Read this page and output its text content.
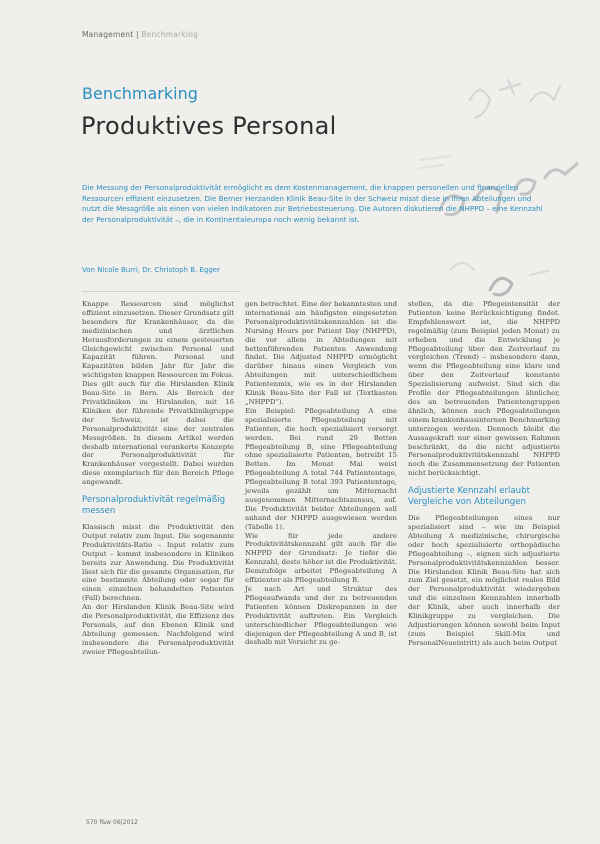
Management | Benchmarking
Benchmarking
Produktives Personal
Die Messung der Personalproduktivität ermöglicht es dem Kostenmanagement, die knappen personellen und finanziellen Ressourcen effizient einzusetzen. Die Berner Herzanden Klinik Beau-Site in der Schweiz misst diese in ihren Abteilungen und nutzt die Messgröße als einen von vielen Indikatoren zur Betriebssteuerung. Die Autoren diskutieren die NHPPD – eine Kennzahl der Personalproduktivität –, die in Kontinentaleuropa noch wenig bekannt ist.
Von Nicole Burri, Dr. Christoph B. Egger

Knappe Ressourcen sind möglichst effizient einzusetzen. Dieser Grundsatz gilt besonders für Krankenhäuser, da die medizinischen und ärztlichen Herausforderungen zu einem gesteuerten Gleichgewicht zwischen Personal und Kapazität führen. Personal und Kapazitäten bilden Jahr für Jahr die wichtigsten knappen Ressourcen im Fokus. Dies gilt auch für die Hirslanden Klinik Beau-Site in Bern. Als Bereich der Privatkliniken im Hirslanden, mit 16 Kliniken der führende Privatklinikgruppe der Schweiz, ist dabei die Personalproduktivität eine der zentralen Messgrößen. In diesem Artikel werden deshalb international verankerte Konzepte der Personalproduktivität für Krankenhäuser vorgestellt. Dabei wurden diese exemplarisch für den Bereich Pflege angewandt.

Personalproduktivität regelmäßig messen

Klassisch misst die Produktivität den Output relativ zum Input. Die sogenannte Produktivitäts-Ratio – Input relativ zum Output – kommt insbesondere in Kliniken bereits zur Anwendung. Die Produktivität lässt sich für die gesamte Organisation, für eine bestimmte Abteilung oder sogar für einen einzelnen behandelten Patienten (Fall) berechnen.

An der Hirslanden Klinik Beau-Site wird die Personalproduktivität, die Effizienz des Personals, auf den Ebenen Klinik und Abteilung gemessen. Nachfolgend wird insbesondere die Personalproduktivität zweier Pflegeabteilun-

gen betrachtet. Eine der bekanntesten und international am häufigsten eingesetzten Personalproduktivitätskennzahlen ist die Nursing Hours per Patient Day (NHPPD), die vor allem in Abteilungen mit bettenführenden Patienten Anwendung findet. Die Adjusted NHPPD ermöglicht darüber hinaus einen Vergleich von Abteilungen mit unterschiedlichem Patientenmix, wie es in der Hirslanden Klinik Beau-Site der Fall ist (Textkasten „NHPPD“).

Ein Beispiel: Pflegeabteilung A eine spezialisierte Pflegeabteilung mit Patienten, die hoch spezialisiert versorgt werden. Bei rund 29 Betten Pflegeabteilung B, eine Pflegeabteilung ohne spezialisierte Patienten, betreibt 15 Betten. Im Monat Mai weist Pflegeabteilung A total 744 Patiententage, Pflegeabteilung B total 393 Patiententage, jeweils gezählt um Mitternacht ausgenommen Mitternachtszensus, auf. Die Produktivität beider Abteilungen soll anhand der NHPPD ausgewiesen werden (Tabelle 1).

Wie für jede andere Produktivitätskennzahl gilt auch für die NHPPD der Grundsatz: Je tiefer die Kennzahl, desto höher ist die Produktivität. Demzufolge arbeitet Pflegeabteilung A effizienter als Pflegeabteilung B.

Je nach Art und Struktur des Pflegeaufwands und der zu betreuenden Patienten können Diskrepanzen in der Produktivität auftreten. Ein Vergleich unterschiedlicher Pflegeabteilungen wie diejenigen der Pflegeabteilung A und B, ist deshalb mit Vorsicht zu ge-

stellen, da die Pflegeintensität der Patienten keine Berücksichtigung findet. Empfehlenswert ist, die NHPPD regelmäßig (zum Beispiel jeden Monat) zu erheben und die Entwicklung je Pflegeabteilung über den Zeitverlauf zu vergleichen (Trend) – insbesondere dann, wenn die Pflegeabteilung eine klare und über den Zeitverlauf konstante Spezialisierung aufweist. Sind sich die Profile der Pflegeabteilungen ähnlicher, des an betreuenden Patientengruppen ähnlich, können auch Pflegeabteilungen einem krankenhausinternen Benchmarking unterzogen werden. Dennoch bleibt die Aussagekraft nur einer gewissen Rahmen beschränkt, da die nicht adjustierte Personalproduktivitätskennzahl NHPPD noch die Zusammensetzung der Patienten nicht berücksichtigt.

Adjustierte Kennzahl erlaubt Vergleiche von Abteilungen

Die Pflegeabteilungen eines nur spezialisiert sind – wie im Beispiel Abteilung A medizinische, chirurgische oder hoch spezialisierte orthopädische Pflegeabteilung –, eignen sich adjustierte Personalproduktivitätskennzahlen besser. Die Hirslanden Klinik Beau-Site hat sich zum Ziel gesetzt, ein möglichst reales Bild der Personalproduktivität wiedergeben und die einzelnen Kennzahlen innerhalb der Klinik, aber auch innerhalb der Klinikgruppe zu vergleichen. Die Adjustierungen können sowohl beim Input (zum Beispiel Skill-Mix und PersonalNeueintritt) als auch beim Output

570 f&w 06|2012
